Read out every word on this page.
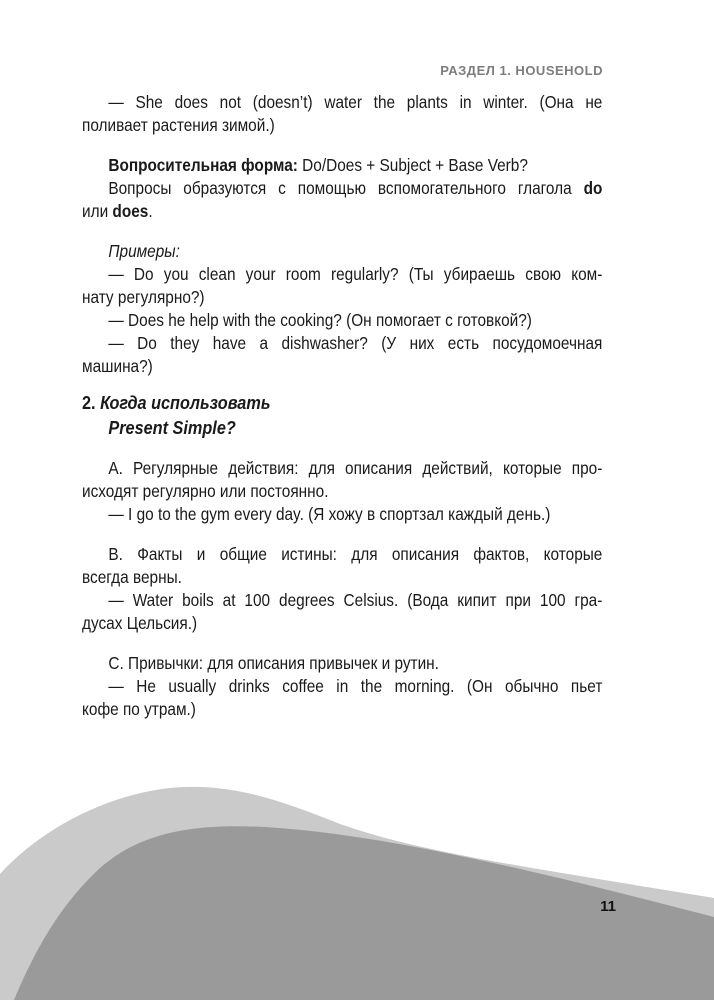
РАЗДЕЛ 1. HOUSEHOLD
— She does not (doesn’t) water the plants in winter. (Она не
поливает растения зимой.)
Вопросительная форма: Do/Does + Subject + Base Verb?
Вопросы образуются с помощью вспомогательного глагола do
или does.
Примеры:
— Do you clean your room regularly? (Ты убираешь свою ком-
нату регулярно?)
— Does he help with the cooking? (Он помогает с готовкой?)
— Do they have a dishwasher? (У них есть посудомоечная
машина?)
2. Когда использовать
Present Simple?
А. Регулярные действия: для описания действий, которые про-
исходят регулярно или постоянно.
— I go to the gym every day. (Я хожу в спортзал каждый день.)
В. Факты и общие истины: для описания фактов, которые
всегда верны.
— Water boils at 100 degrees Celsius. (Вода кипит при 100 гра-
дусах Цельсия.)
С. Привычки: для описания привычек и рутин.
— He usually drinks coffee in the morning. (Он обычно пьет
кофе по утрам.)
11
